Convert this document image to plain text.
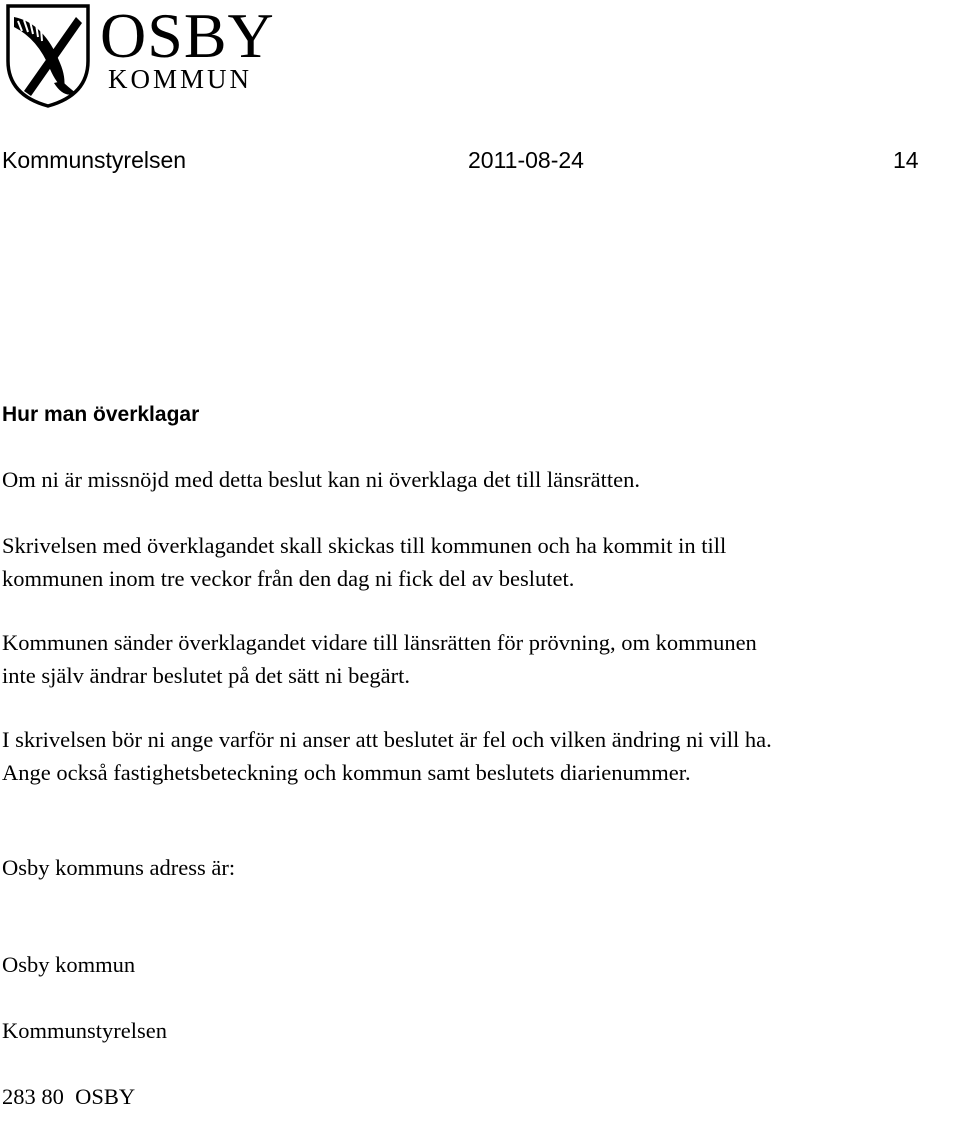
OSBY
KOMMUN
Kommunstyrelsen	2011-08-24	14
Hur man överklagar

Om ni är missnöjd med detta beslut kan ni överklaga det till länsrätten.

Skrivelsen med överklagandet skall skickas till kommunen och ha kommit in till
kommunen inom tre veckor från den dag ni fick del av beslutet.

Kommunen sänder överklagandet vidare till länsrätten för prövning, om kommunen
inte själv ändrar beslutet på det sätt ni begärt.

I skrivelsen bör ni ange varför ni anser att beslutet är fel och vilken ändring ni vill ha.
Ange också fastighetsbeteckning och kommun samt beslutets diarienummer.

Osby kommuns adress är:

Osby kommun

Kommunstyrelsen

283 80  OSBY
